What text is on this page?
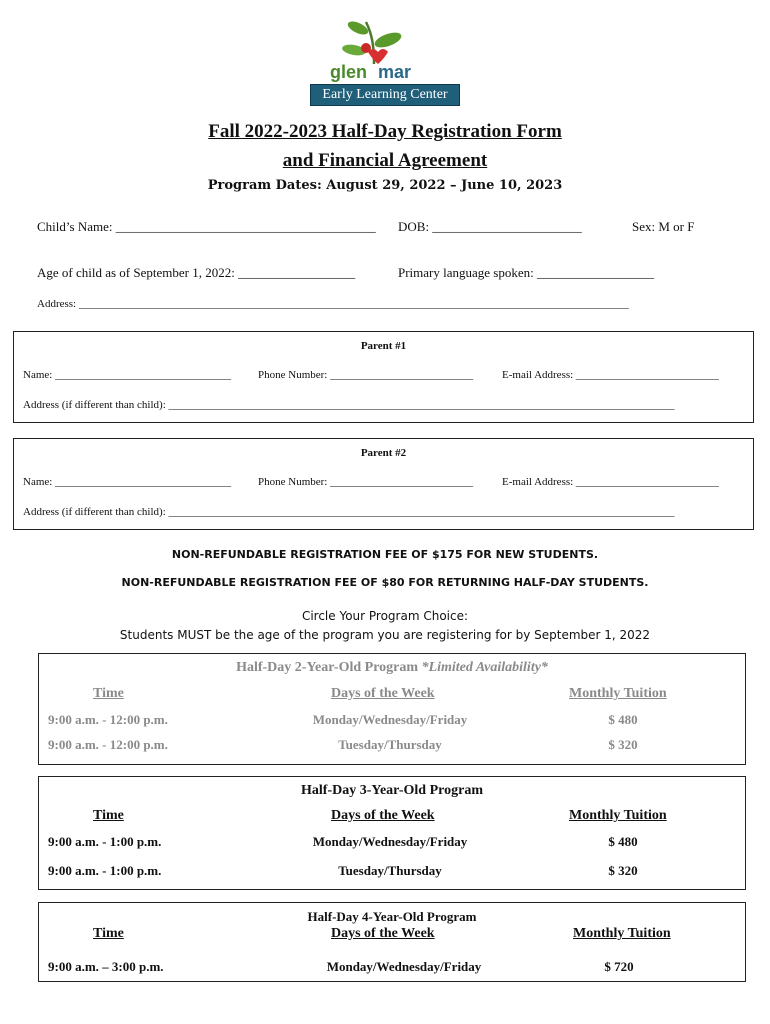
glen mar
Early Learning Center
Fall 2022-2023 Half-Day Registration Form
and Financial Agreement
Program Dates: August 29, 2022 – June 10, 2023
Child’s Name: ________________________________________ DOB: _______________________	Sex: M or F
Age of child as of September 1, 2022: __________________	Primary language spoken: __________________
Address: ____________________________________________________________________________________________________
Parent #1
Name: ________________________________ Phone Number: __________________________	E-mail Address: __________________________
Address (if different than child): ____________________________________________________________________________________________
Parent #2
Name: ________________________________ Phone Number: __________________________	E-mail Address: __________________________
Address (if different than child): ____________________________________________________________________________________________
NON-REFUNDABLE REGISTRATION FEE OF $175 FOR NEW STUDENTS.
NON-REFUNDABLE REGISTRATION FEE OF $80 FOR RETURNING HALF-DAY STUDENTS.
Circle Your Program Choice:
Students MUST be the age of the program you are registering for by September 1, 2022
Half-Day 2-Year-Old Program *Limited Availability*
Time	Days of the Week	Monthly Tuition
9:00 a.m. - 12:00 p.m.	Monday/Wednesday/Friday	$ 480
9:00 a.m. - 12:00 p.m.	Tuesday/Thursday	$ 320
Half-Day 3-Year-Old Program
Time	Days of the Week	Monthly Tuition
9:00 a.m. - 1:00 p.m.	Monday/Wednesday/Friday	$ 480
9:00 a.m. - 1:00 p.m.	Tuesday/Thursday	$ 320
Half-Day 4-Year-Old Program
Time	Days of the Week	Monthly Tuition
9:00 a.m. – 3:00 p.m.	Monday/Wednesday/Friday	$ 720
